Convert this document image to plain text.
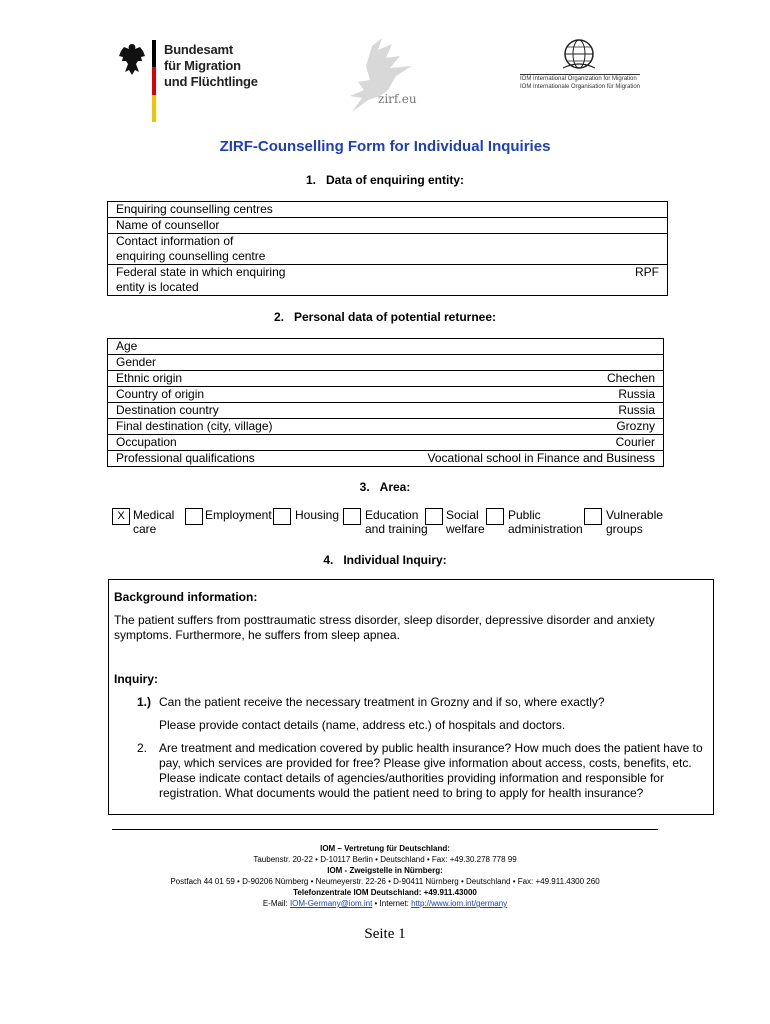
Bundesamt
für Migration
und Flüchtlinge
zirf.eu
IOM International Organization for Migration
IOM Internationale Organisation für Migration
ZIRF-Counselling Form for Individual Inquiries
1. Data of enquiring entity:
Enquiring counselling centres
Name of counsellor
Contact information of
enquiring counselling centre
Federal state in which enquiring
entity is located	RPF
2. Personal data of potential returnee:
Age	
Gender	
Ethnic origin	Chechen
Country of origin	Russia
Destination country	Russia
Final destination (city, village)	Grozny
Occupation	Courier
Professional qualifications	Vocational school in Finance and Business
3. Area:
X Medical
care
Employment Housing Education
and training
Social
welfare
Public
administration
Vulnerable
groups
4. Individual Inquiry:
Background information:
The patient suffers from posttraumatic stress disorder, sleep disorder, depressive disorder and anxiety symptoms. Furthermore, he suffers from sleep apnea.
Inquiry:
1.) Can the patient receive the necessary treatment in Grozny and if so, where exactly?
Please provide contact details (name, address etc.) of hospitals and doctors.
2. Are treatment and medication covered by public health insurance? How much does the patient have to pay, which services are provided for free? Please give information about access, costs, benefits, etc. Please indicate contact details of agencies/authorities providing information and responsible for registration. What documents would the patient need to bring to apply for health insurance?
IOM – Vertretung für Deutschland:
Taubenstr. 20-22 • D-10117 Berlin • Deutschland • Fax: +49.30.278 778 99
IOM - Zweigstelle in Nürnberg:
Postfach 44 01 59 • D-90206 Nürnberg • Neumeyerstr. 22-26 • D-90411 Nürnberg • Deutschland • Fax: +49.911.4300 260
Telefonzentrale IOM Deutschland: +49.911.43000
E-Mail: IOM-Germany@iom.int • Internet: http://www.iom.int/germany
Seite 1
